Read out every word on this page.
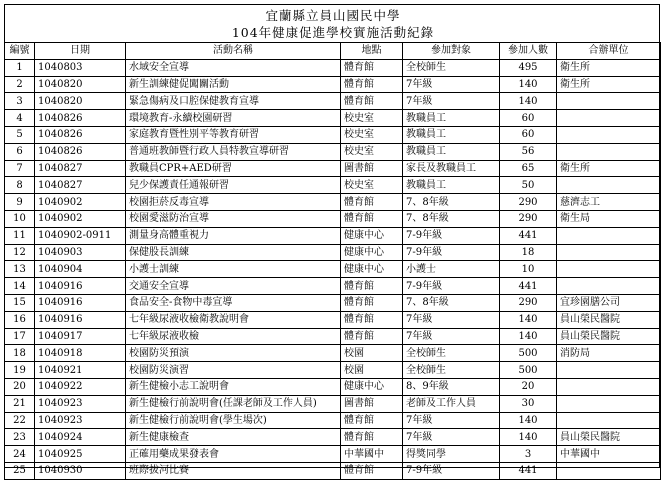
宜蘭縣立員山國民中學
104年健康促進學校實施活動紀錄
編號	日期	活動名稱	地點	參加對象	參加人數	合辦單位
1	1040803	水域安全宣導	體育館	全校師生	495	衛生所
2	1040820	新生訓練健促闖關活動	體育館	7年級	140	衛生所
3	1040820	緊急傷病及口腔保健教育宣導	體育館	7年級	140	
4	1040826	環境教育-永續校園研習	校史室	教職員工	60	
5	1040826	家庭教育暨性別平等教育研習	校史室	教職員工	60	
6	1040826	普通班教師暨行政人員特教宣導研習	校史室	教職員工	56	
7	1040827	教職員CPR+AED研習	圖書館	家長及教職員工	65	衛生所
8	1040827	兒少保護責任通報研習	校史室	教職員工	50	
9	1040902	校園拒菸反毒宣導	體育館	7、8年級	290	慈濟志工
10	1040902	校園愛滋防治宣導	體育館	7、8年級	290	衛生局
11	1040902-0911	測量身高體重視力	健康中心	7-9年級	441	
12	1040903	保健股長訓練	健康中心	7-9年級	18	
13	1040904	小護士訓練	健康中心	小護士	10	
14	1040916	交通安全宣導	體育館	7-9年級	441	
15	1040916	食品安全-食物中毒宣導	體育館	7、8年級	290	宜珍園膳公司
16	1040916	七年級尿液收檢衛教說明會	體育館	7年級	140	員山榮民醫院
17	1040917	七年級尿液收檢	體育館	7年級	140	員山榮民醫院
18	1040918	校園防災預演	校園	全校師生	500	消防局
19	1040921	校園防災演習	校園	全校師生	500	
20	1040922	新生健檢小志工說明會	健康中心	8、9年級	20	
21	1040923	新生健檢行前說明會(任課老師及工作人員)	圖書館	老師及工作人員	30	
22	1040923	新生健檢行前說明會(學生場次)	體育館	7年級	140	
23	1040924	新生健康檢查	體育館	7年級	140	員山榮民醫院
24	1040925	正確用藥成果發表會	中華國中	得獎同學	3	中華國中
25	1040930	班際拔河比賽	體育館	7-9年級	441	
